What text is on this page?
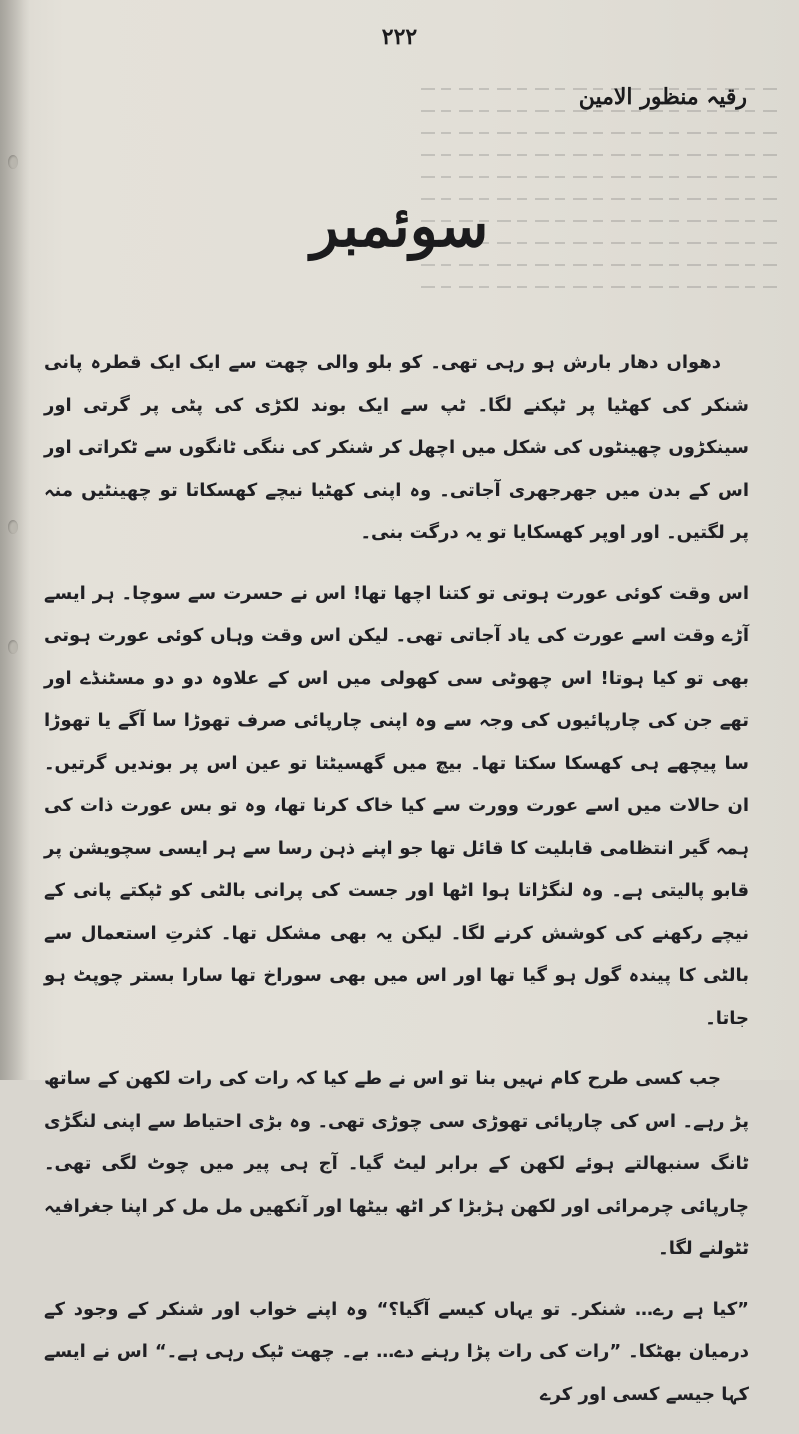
۲۲۲
رقیہ منظور الامین
سوئمبر

دھواں دھار بارش ہو رہی تھی۔ کو بلو والی چھت سے ایک ایک قطرہ پانی شنکر کی کھٹیا پر ٹپکنے لگا۔ ٹپ سے ایک بوند لکڑی کی پٹی پر گرتی اور سینکڑوں چھینٹوں کی شکل میں اچھل کر شنکر کی ننگی ٹانگوں سے ٹکراتی اور اس کے بدن میں جھرجھری آجاتی۔ وہ اپنی کھٹیا نیچے کھسکاتا تو چھینٹیں منہ پر لگتیں۔ اور اوپر کھسکایا تو یہ درگت بنی۔

اس وقت کوئی عورت ہوتی تو کتنا اچھا تھا! اس نے حسرت سے سوچا۔ ہر ایسے آڑے وقت اسے عورت کی یاد آجاتی تھی۔ لیکن اس وقت وہاں کوئی عورت ہوتی بھی تو کیا ہوتا! اس چھوٹی سی کھولی میں اس کے علاوہ دو دو مسٹنڈے اور تھے جن کی چارپائیوں کی وجہ سے وہ اپنی چارپائی صرف تھوڑا سا آگے یا تھوڑا سا پیچھے ہی کھسکا سکتا تھا۔ بیچ میں گھسیٹتا تو عین اس پر بوندیں گرتیں۔ ان حالات میں اسے عورت وورت سے کیا خاک کرنا تھا، وہ تو بس عورت ذات کی ہمہ گیر انتظامی قابلیت کا قائل تھا جو اپنے ذہن رسا سے ہر ایسی سچویشن پر قابو پالیتی ہے۔ وہ لنگڑاتا ہوا اٹھا اور جست کی پرانی بالٹی کو ٹپکتے پانی کے نیچے رکھنے کی کوشش کرنے لگا۔ لیکن یہ بھی مشکل تھا۔ کثرتِ استعمال سے بالٹی کا پیندہ گول ہو گیا تھا اور اس میں بھی سوراخ تھا سارا بستر چوپٹ ہو جاتا۔

جب کسی طرح کام نہیں بنا تو اس نے طے کیا کہ رات کی رات لکھن کے ساتھ پڑ رہے۔ اس کی چارپائی تھوڑی سی چوڑی تھی۔ وہ بڑی احتیاط سے اپنی لنگڑی ٹانگ سنبھالتے ہوئے لکھن کے برابر لیٹ گیا۔ آج ہی پیر میں چوٹ لگی تھی۔ چارپائی چرمرائی اور لکھن ہڑبڑا کر اٹھ بیٹھا اور آنکھیں مل مل کر اپنا جغرافیہ ٹٹولنے لگا۔

”کیا ہے رے… شنکر۔ تو یہاں کیسے آگیا؟“ وہ اپنے خواب اور شنکر کے وجود کے درمیان بھٹکا۔ ”رات کی رات پڑا رہنے دے… بے۔ چھت ٹپک رہی ہے۔“ اس نے ایسے کہا جیسے کسی اور کرے
